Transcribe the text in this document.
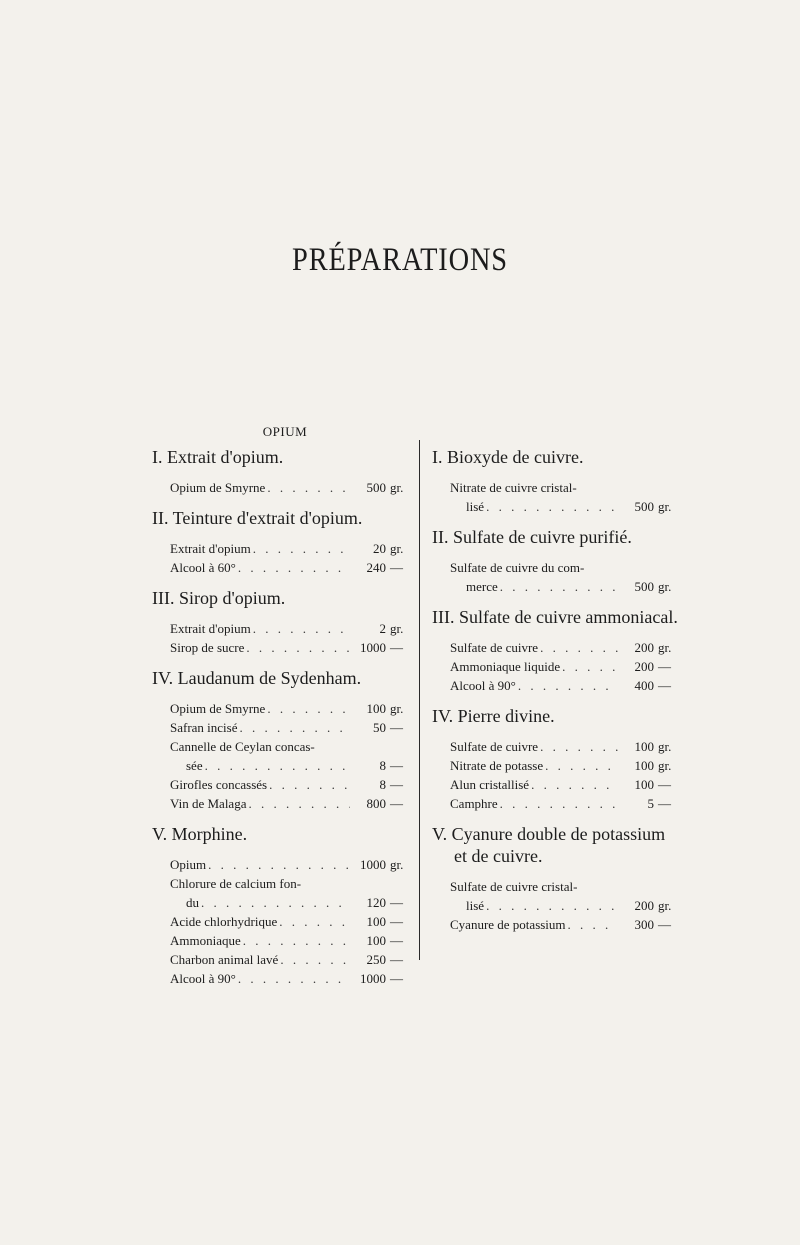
PRÉPARATIONS
OPIUM
I. Extrait d'opium.
Opium de Smyrne . . .	500 gr.
II. Teinture d'extrait d'opium.
Extrait d'opium . . .	20 gr.
Alcool à 60° . . .	240 —
III. Sirop d'opium.
Extrait d'opium . . .	2 gr.
Sirop de sucre . . .	1000 —
IV. Laudanum de Sydenham.
Opium de Smyrne . . .	100 gr.
Safran incisé . . .	50 —
Cannelle de Ceylan concas-
sée . . .	8 —
Girofles concassés . . .	8 —
Vin de Malaga . . .	800 —
V. Morphine.
Opium . . .	1000 gr.
Chlorure de calcium fon-
du . . .	120 —
Acide chlorhydrique . . .	100 —
Ammoniaque . . .	100 —
Charbon animal lavé . . .	250 —
Alcool à 90° . . .	1000 —
I. Bioxyde de cuivre.
Nitrate de cuivre cristal-
lisé . . .	500 gr.
II. Sulfate de cuivre purifié.
Sulfate de cuivre du com-
merce . . .	500 gr.
III. Sulfate de cuivre ammoniacal.
Sulfate de cuivre . . .	200 gr.
Ammoniaque liquide . . .	200 —
Alcool à 90° . . .	400 —
IV. Pierre divine.
Sulfate de cuivre . . .	100 gr.
Nitrate de potasse . . .	100 gr.
Alun cristallisé . . .	100 —
Camphre . . .	5 —
V. Cyanure double de potassium et de cuivre.
Sulfate de cuivre cristal-
lisé . . .	200 gr.
Cyanure de potassium . . .	300 —
